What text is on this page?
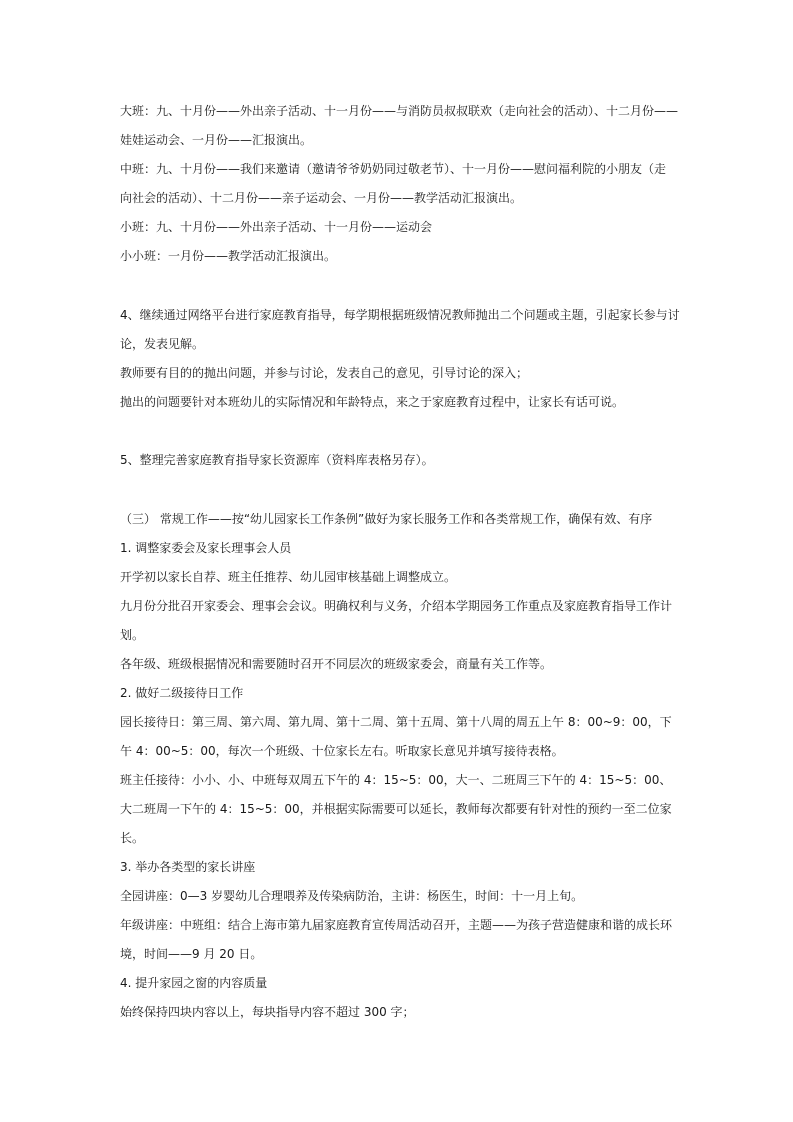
大班：九、十月份——外出亲子活动、十一月份——与消防员叔叔联欢（走向社会的活动）、十二月份——
娃娃运动会、一月份——汇报演出。
中班：九、十月份——我们来邀请（邀请爷爷奶奶同过敬老节）、十一月份——慰问福利院的小朋友（走
向社会的活动）、十二月份——亲子运动会、一月份——教学活动汇报演出。
小班：九、十月份——外出亲子活动、十一月份——运动会
小小班：一月份——教学活动汇报演出。
4、继续通过网络平台进行家庭教育指导，每学期根据班级情况教师抛出二个问题或主题，引起家长参与讨
论，发表见解。
教师要有目的的抛出问题，并参与讨论，发表自己的意见，引导讨论的深入；
抛出的问题要针对本班幼儿的实际情况和年龄特点，来之于家庭教育过程中，让家长有话可说。
5、整理完善家庭教育指导家长资源库（资料库表格另存）。
（三） 常规工作——按“幼儿园家长工作条例”做好为家长服务工作和各类常规工作，确保有效、有序
1. 调整家委会及家长理事会人员
开学初以家长自荐、班主任推荐、幼儿园审核基础上调整成立。
九月份分批召开家委会、理事会会议。明确权利与义务，介绍本学期园务工作重点及家庭教育指导工作计
划。
各年级、班级根据情况和需要随时召开不同层次的班级家委会，商量有关工作等。
2. 做好二级接待日工作
园长接待日：第三周、第六周、第九周、第十二周、第十五周、第十八周的周五上午 8：00~9：00，下
午 4：00~5：00，每次一个班级、十位家长左右。听取家长意见并填写接待表格。
班主任接待：小小、小、中班每双周五下午的 4：15~5：00，大一、二班周三下午的 4：15~5：00、
大二班周一下午的 4：15~5：00，并根据实际需要可以延长，教师每次都要有针对性的预约一至二位家
长。
3. 举办各类型的家长讲座
全园讲座：0—3 岁婴幼儿合理喂养及传染病防治，主讲：杨医生，时间：十一月上旬。
年级讲座：中班组：结合上海市第九届家庭教育宣传周活动召开，主题——为孩子营造健康和谐的成长环
境，时间——9 月 20 日。
4. 提升家园之窗的内容质量
始终保持四块内容以上，每块指导内容不超过 300 字；
